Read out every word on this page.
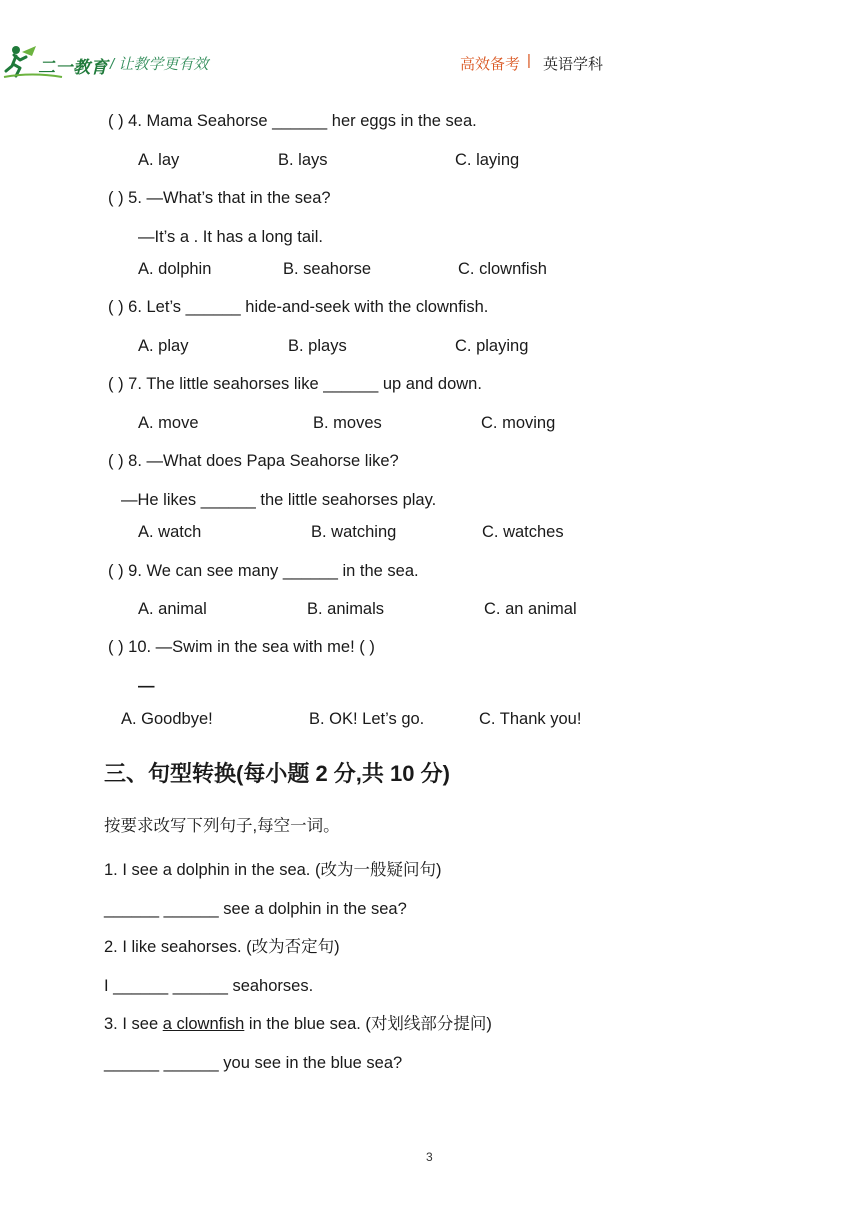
二一教育 / 让教学更有效	高效备考 | 英语学科
( ) 4. Mama Seahorse ______ her eggs in the sea.
A. lay	B. lays	C. laying
( ) 5. —What’s that in the sea?
—It’s a . It has a long tail.
A. dolphin	B. seahorse	C. clownfish
( ) 6. Let’s ______ hide-and-seek with the clownfish.
A. play	B. plays	C. playing
( ) 7. The little seahorses like ______ up and down.
A. move	B. moves	C. moving
( ) 8. —What does Papa Seahorse like?
—He likes ______ the little seahorses play.
A. watch	B. watching	C. watches
( ) 9. We can see many ______ in the sea.
A. animal	B. animals	C. an animal
( ) 10. —Swim in the sea with me! ( )
—
A. Goodbye!	B. OK! Let’s go.	C. Thank you!
三、句型转换(每小题 2 分,共 10 分)
按要求改写下列句子,每空一词。
1. I see a dolphin in the sea. (改为一般疑问句)
______ ______ see a dolphin in the sea?
2. I like seahorses. (改为否定句)
I ______ ______ seahorses.
3. I see a clownfish in the blue sea. (对划线部分提问)
______ ______ you see in the blue sea?
3
